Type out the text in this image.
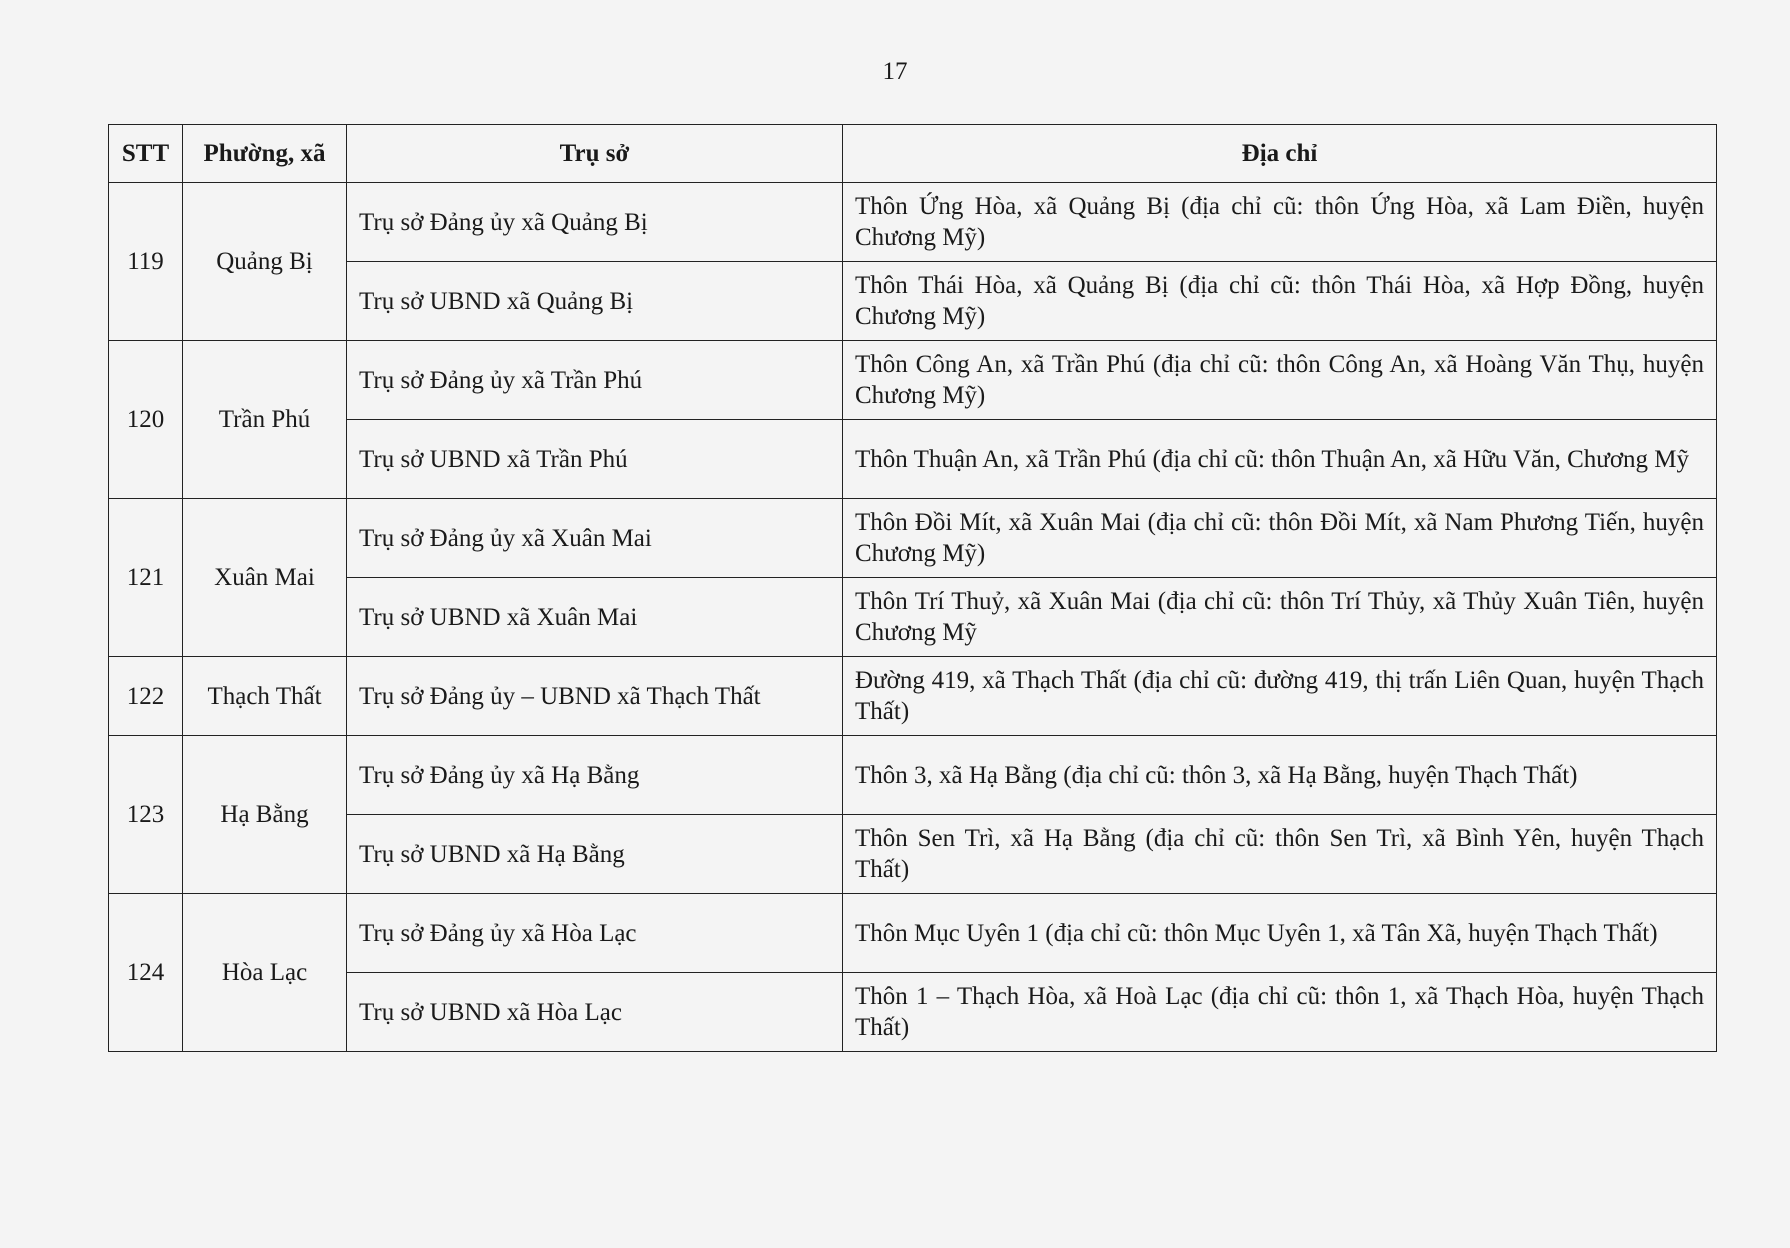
17
STT	Phường, xã	Trụ sở	Địa chỉ
119	Quảng Bị	Trụ sở Đảng ủy xã Quảng Bị	Thôn Ứng Hòa, xã Quảng Bị (địa chỉ cũ: thôn Ứng Hòa, xã Lam Điền, huyện Chương Mỹ)
		Trụ sở UBND xã Quảng Bị	Thôn Thái Hòa, xã Quảng Bị (địa chỉ cũ: thôn Thái Hòa, xã Hợp Đồng, huyện Chương Mỹ)
120	Trần Phú	Trụ sở Đảng ủy xã Trần Phú	Thôn Công An, xã Trần Phú (địa chỉ cũ: thôn Công An, xã Hoàng Văn Thụ, huyện Chương Mỹ)
		Trụ sở UBND xã Trần Phú	Thôn Thuận An, xã Trần Phú (địa chỉ cũ: thôn Thuận An, xã Hữu Văn, Chương Mỹ
121	Xuân Mai	Trụ sở Đảng ủy xã Xuân Mai	Thôn Đồi Mít, xã Xuân Mai (địa chỉ cũ: thôn Đồi Mít, xã Nam Phương Tiến, huyện Chương Mỹ)
		Trụ sở UBND xã Xuân Mai	Thôn Trí Thuỷ, xã Xuân Mai (địa chỉ cũ: thôn Trí Thủy, xã Thủy Xuân Tiên, huyện Chương Mỹ
122	Thạch Thất	Trụ sở Đảng ủy – UBND xã Thạch Thất	Đường 419, xã Thạch Thất (địa chỉ cũ: đường 419, thị trấn Liên Quan, huyện Thạch Thất)
123	Hạ Bằng	Trụ sở Đảng ủy xã Hạ Bằng	Thôn 3, xã Hạ Bằng (địa chỉ cũ: thôn 3, xã Hạ Bằng, huyện Thạch Thất)
		Trụ sở UBND xã Hạ Bằng	Thôn Sen Trì, xã Hạ Bằng (địa chỉ cũ: thôn Sen Trì, xã Bình Yên, huyện Thạch Thất)
124	Hòa Lạc	Trụ sở Đảng ủy xã Hòa Lạc	Thôn Mục Uyên 1 (địa chỉ cũ: thôn Mục Uyên 1, xã Tân Xã, huyện Thạch Thất)
		Trụ sở UBND xã Hòa Lạc	Thôn 1 – Thạch Hòa, xã Hoà Lạc (địa chỉ cũ: thôn 1, xã Thạch Hòa, huyện Thạch Thất)
